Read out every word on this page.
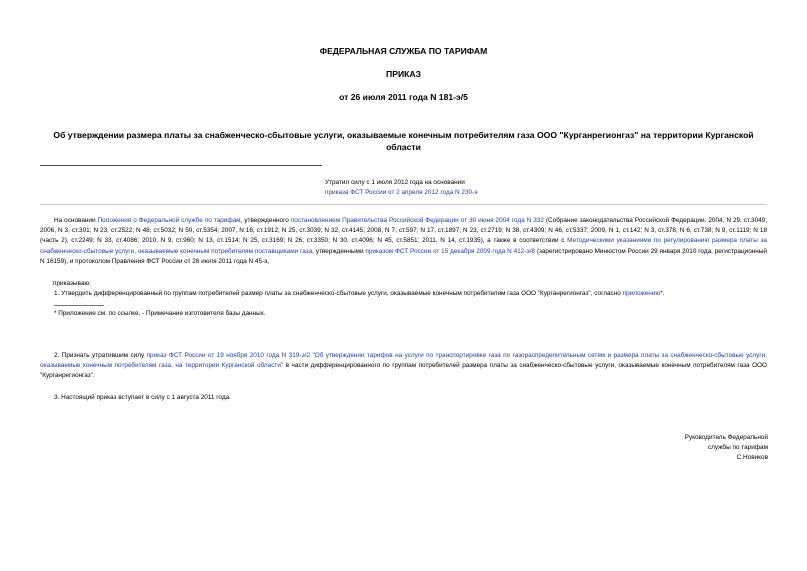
ФЕДЕРАЛЬНАЯ СЛУЖБА ПО ТАРИФАМ
ПРИКАЗ
от 26 июля 2011 года N 181-э/5
Об утверждении размера платы за снабженческо-сбытовые услуги, оказываемые конечным потребителям газа ООО "Курганрегионгаз" на территории Курганской области
Утратил силу с 1 июля 2012 года на основании
приказа ФСТ России от 2 апреля 2012 года N 230-э
На основании Положения о Федеральной службе по тарифам, утвержденного постановлением Правительства Российской Федерации от 30 июня 2004 года N 332 (Собрание законодательства Российской Федерации, 2004, N 29, ст.3049; 2006, N 3, ст.301; N 23, ст.2522; N 48, ст.5032; N 50, ст.5354; 2007, N 16, ст.1912; N 25, ст.3039; N 32, ст.4145; 2008, N 7, ст.597; N 17, ст.1897; N 23, ст.2719; N 38, ст.4309; N 46, ст.5337; 2009, N 1, ст.142; N 3, ст.378; N 6, ст.738; N 9, ст.1119; N 18 (часть 2), ст.2249; N 33, ст.4086; 2010, N 9, ст.960; N 13, ст.1514; N 25, ст.3169; N 26, ст.3350; N 30, ст.4096; N 45, ст.5851; 2011, N 14, ст.1935), а также в соответствии с Методическими указаниями по регулированию размера платы за снабженческо-сбытовые услуги, оказываемые конечным потребителям поставщиками газа, утвержденными приказом ФСТ России от 15 декабря 2009 года N 412-э/8 (зарегистрировано Минюстом России 29 января 2010 года, регистрационный N 16159), и протоколом Правления ФСТ России от 26 июля 2011 года N 45-э,
приказываю:
1. Утвердить дифференцированный по группам потребителей размер платы за снабженческо-сбытовые услуги, оказываемые конечным потребителям газа ООО "Курганрегионгаз", согласно приложению*.
* Приложение см. по ссылке. - Примечание изготовителя базы данных.
2. Признать утратившим силу приказ ФСТ России от 19 ноября 2010 года N 319-э/2 "Об утверждении тарифов на услуги по транспортировке газа по газораспределительным сетям и размера платы за снабженческо-сбытовые услуги, оказываемые конечным потребителям газа, на территории Курганской области" в части дифференцированного по группам потребителей размера платы за снабженческо-сбытовые услуги, оказываемые конечным потребителям газа ООО "Курганрегионгаз".
3. Настоящий приказ вступает в силу с 1 августа 2011 года.
Руководитель Федеральной
службы по тарифам
С.Новиков
